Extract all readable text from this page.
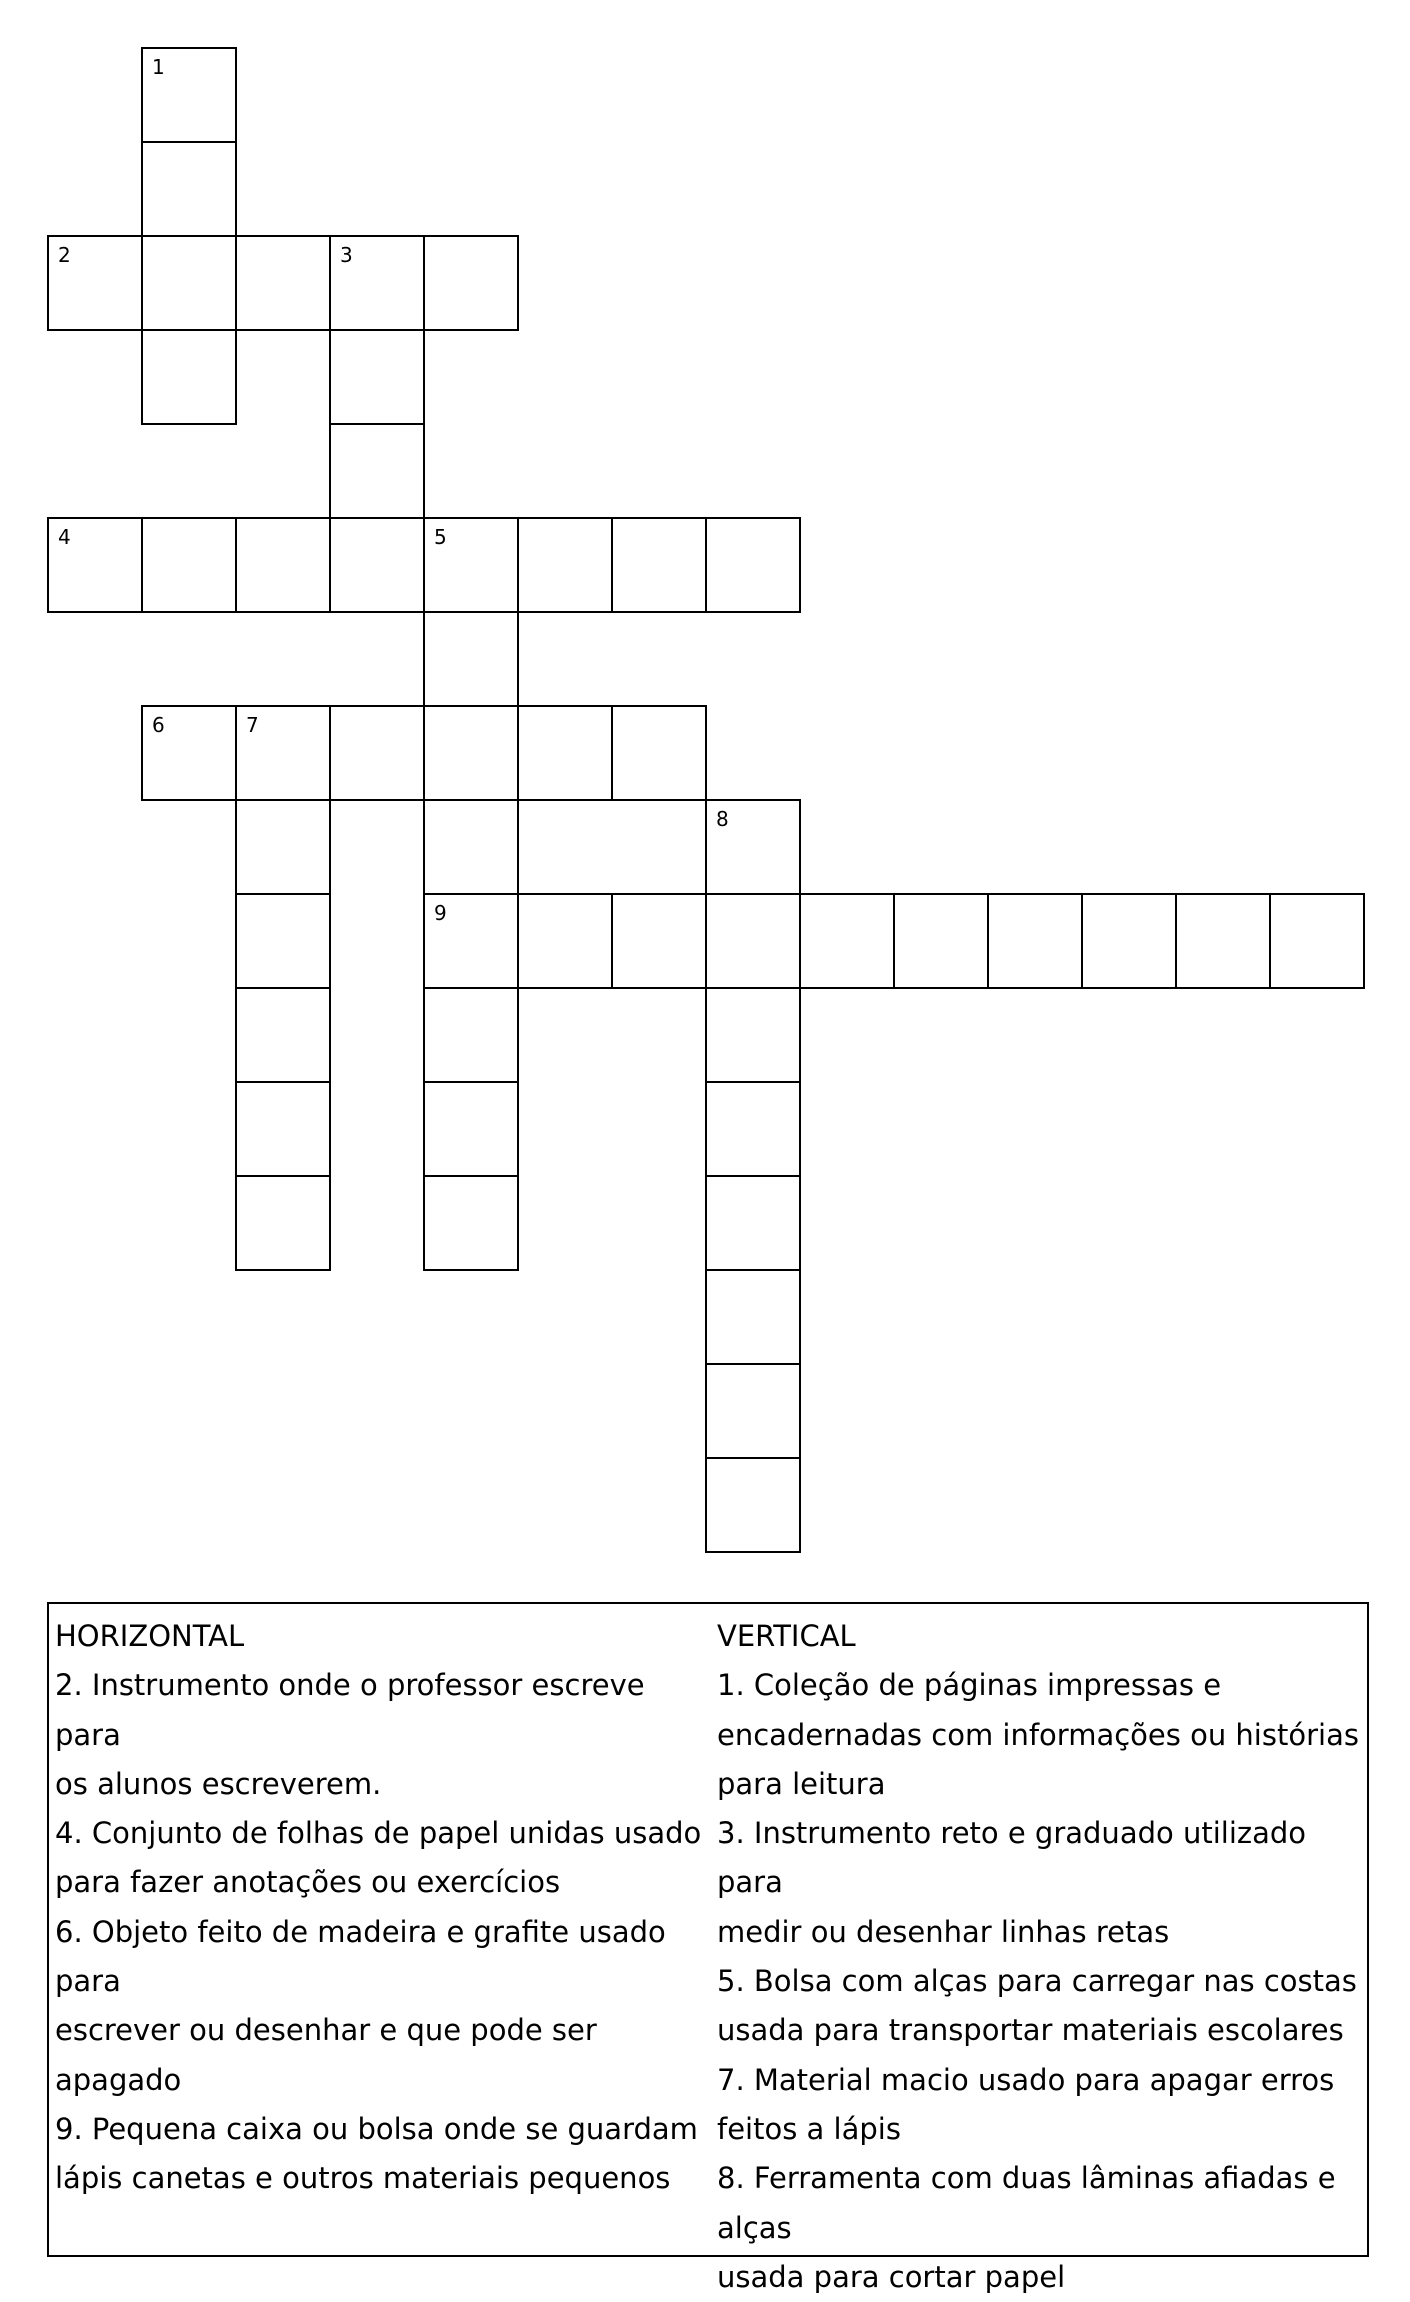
1
2	3
4	5
6	7
8
9

HORIZONTAL

2. Instrumento onde o professor escreve para

os alunos escreverem.

4. Conjunto de folhas de papel unidas usado

para fazer anotações ou exercícios

6. Objeto feito de madeira e grafite usado para

escrever ou desenhar e que pode ser apagado

9. Pequena caixa ou bolsa onde se guardam

lápis canetas e outros materiais pequenos

VERTICAL

1. Coleção de páginas impressas e

encadernadas com informações ou histórias

para leitura

3. Instrumento reto e graduado utilizado para

medir ou desenhar linhas retas

5. Bolsa com alças para carregar nas costas

usada para transportar materiais escolares

7. Material macio usado para apagar erros

feitos a lápis

8. Ferramenta com duas lâminas afiadas e alças

usada para cortar papel
